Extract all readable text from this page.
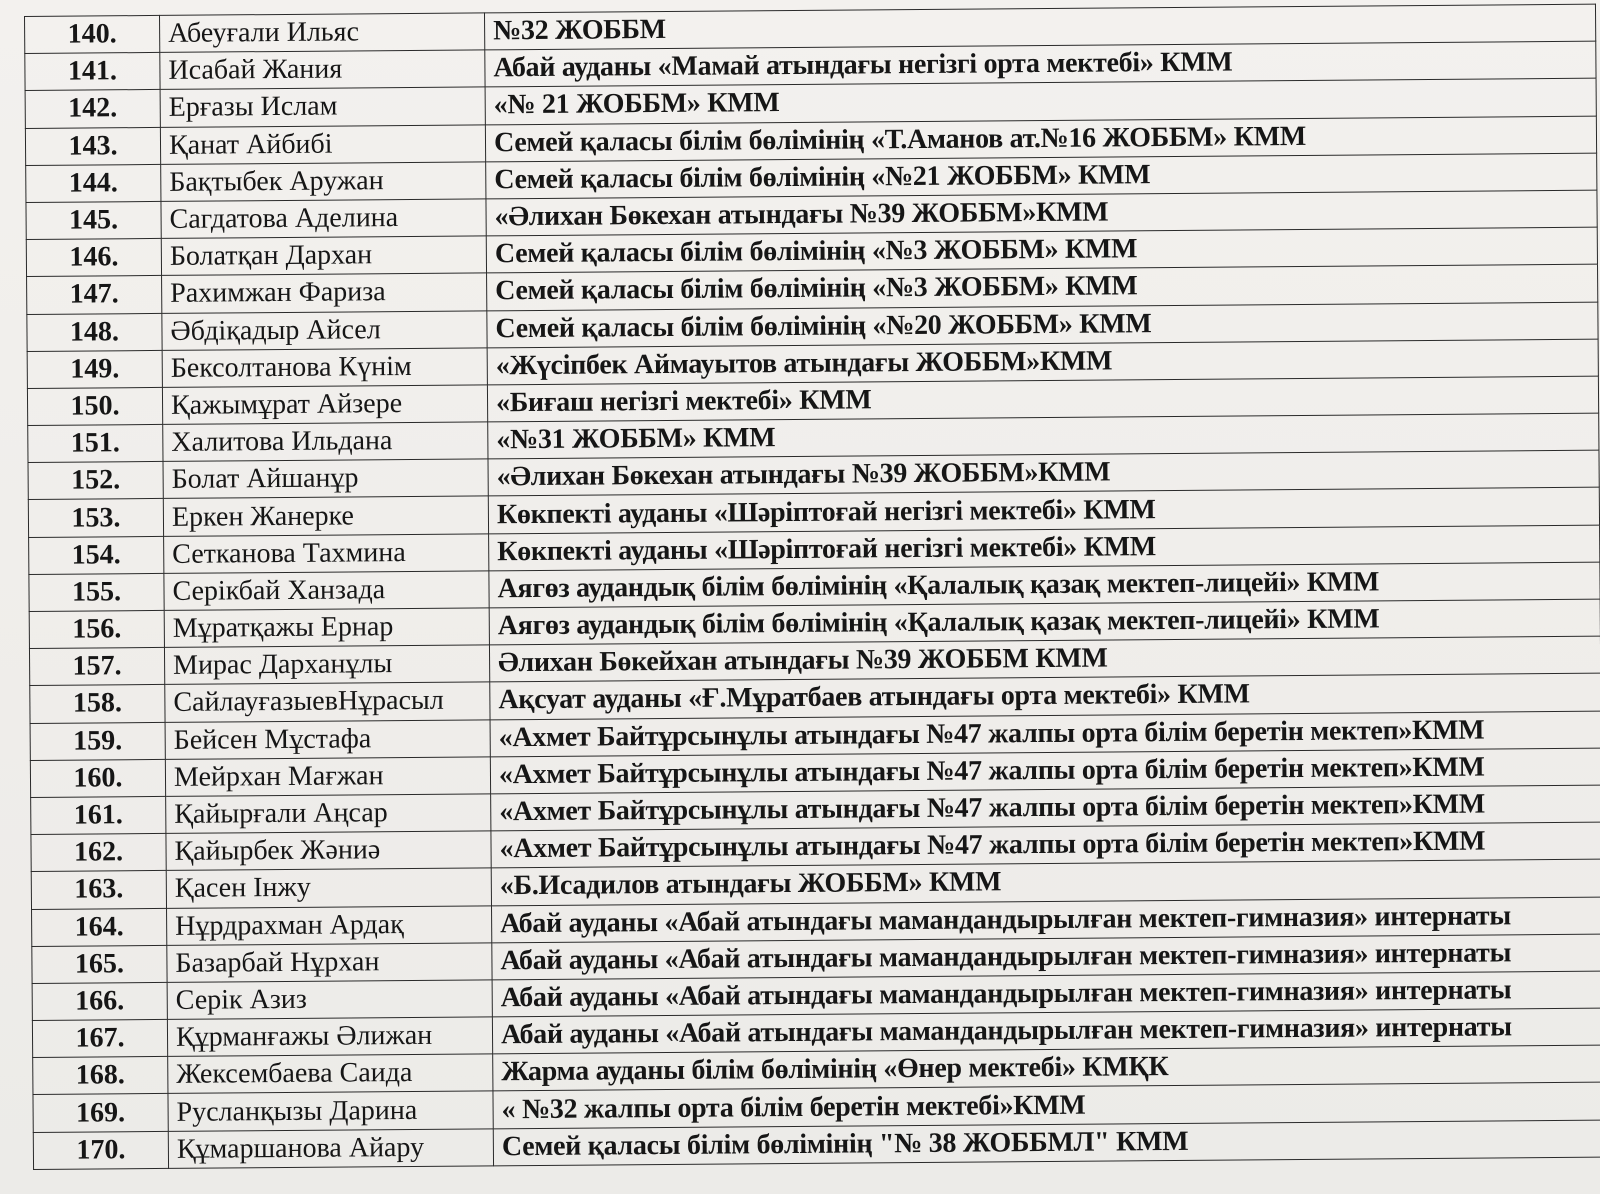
140.	Абеуғали Ильяс	№32 ЖОББМ
141.	Исабай Жания	Абай ауданы «Мамай атындағы негізгі орта мектебі» КММ
142.	Ерғазы Ислам	«№ 21 ЖОББМ» КММ
143.	Қанат Айбибі	Семей қаласы білім бөлімінің «Т.Аманов ат.№16 ЖОББМ» КММ
144.	Бақтыбек Аружан	Семей қаласы білім бөлімінің «№21 ЖОББМ» КММ
145.	Сагдатова Аделина	«Әлихан Бөкехан атындағы №39 ЖОББМ»КММ
146.	Болатқан Дархан	Семей қаласы білім бөлімінің «№3 ЖОББМ» КММ
147.	Рахимжан Фариза	Семей қаласы білім бөлімінің «№3 ЖОББМ» КММ
148.	Әбдіқадыр Айсел	Семей қаласы білім бөлімінің «№20 ЖОББМ» КММ
149.	Бексолтанова Күнім	«Жүсіпбек Аймауытов атындағы ЖОББМ»КММ
150.	Қажымұрат Айзере	«Биғаш негізгі мектебі» КММ
151.	Халитова Ильдана	«№31 ЖОББМ» КММ
152.	Болат Айшанұр	«Әлихан Бөкехан атындағы №39 ЖОББМ»КММ
153.	Еркен Жанерке	Көкпекті ауданы «Шәріптоғай негізгі мектебі» КММ
154.	Сетканова Тахмина	Көкпекті ауданы «Шәріптоғай негізгі мектебі» КММ
155.	Серікбай Ханзада	Аягөз аудандық білім бөлімінің «Қалалық қазақ мектеп-лицейі» КММ
156.	Мұратқажы Ернар	Аягөз аудандық білім бөлімінің «Қалалық қазақ мектеп-лицейі» КММ
157.	Мирас Дарханұлы	Әлихан Бөкейхан атындағы №39 ЖОББМ КММ
158.	СайлауғазыевНұрасыл	Ақсуат ауданы «Ғ.Мұратбаев атындағы орта мектебі» КММ
159.	Бейсен Мұстафа	«Ахмет Байтұрсынұлы атындағы №47 жалпы орта білім беретін мектеп»КММ
160.	Мейрхан Мағжан	«Ахмет Байтұрсынұлы атындағы №47 жалпы орта білім беретін мектеп»КММ
161.	Қайырғали Аңсар	«Ахмет Байтұрсынұлы атындағы №47 жалпы орта білім беретін мектеп»КММ
162.	Қайырбек Жәниә	«Ахмет Байтұрсынұлы атындағы №47 жалпы орта білім беретін мектеп»КММ
163.	Қасен Інжу	«Б.Исадилов атындағы ЖОББМ» КММ
164.	Нұрдрахман Ардақ	Абай ауданы «Абай атындағы мамандандырылған мектеп-гимназия» интернаты
165.	Базарбай Нұрхан	Абай ауданы «Абай атындағы мамандандырылған мектеп-гимназия» интернаты
166.	Серік Азиз	Абай ауданы «Абай атындағы мамандандырылған мектеп-гимназия» интернаты
167.	Құрманғажы Әлижан	Абай ауданы «Абай атындағы мамандандырылған мектеп-гимназия» интернаты
168.	Жексембаева Саида	Жарма ауданы білім бөлімінің «Өнер мектебі» КМҚК
169.	Русланқызы Дарина	« №32 жалпы орта білім беретін мектебі»КММ
170.	Құмаршанова Айару	Семей қаласы білім бөлімінің "№ 38 ЖОББМЛ" КММ
